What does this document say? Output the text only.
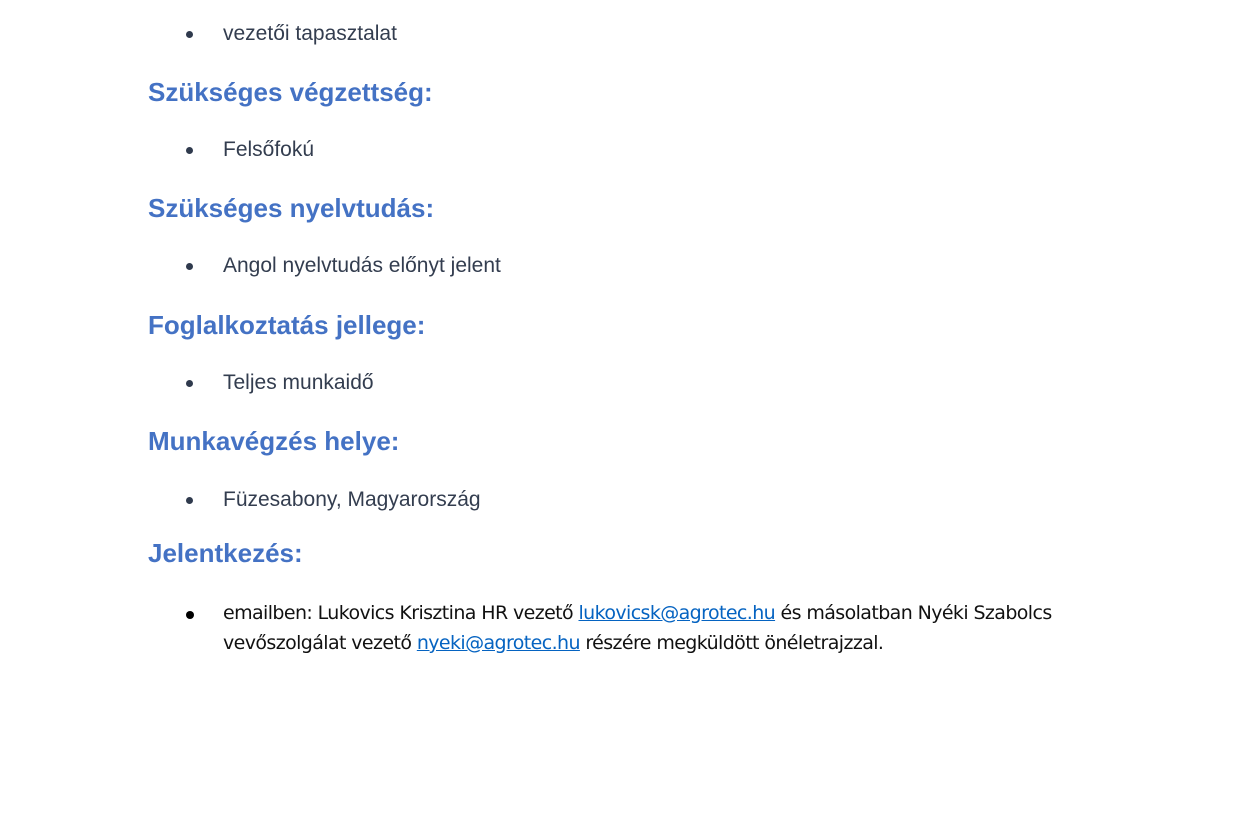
vezetői tapasztalat
Szükséges végzettség:
Felsőfokú
Szükséges nyelvtudás:
Angol nyelvtudás előnyt jelent
Foglalkoztatás jellege:
Teljes munkaidő
Munkavégzés helye:
Füzesabony, Magyarország
Jelentkezés:
emailben: Lukovics Krisztina HR vezető lukovicsk@agrotec.hu és másolatban Nyéki Szabolcs vevőszolgálat vezető nyeki@agrotec.hu részére megküldött önéletrajzzal.
